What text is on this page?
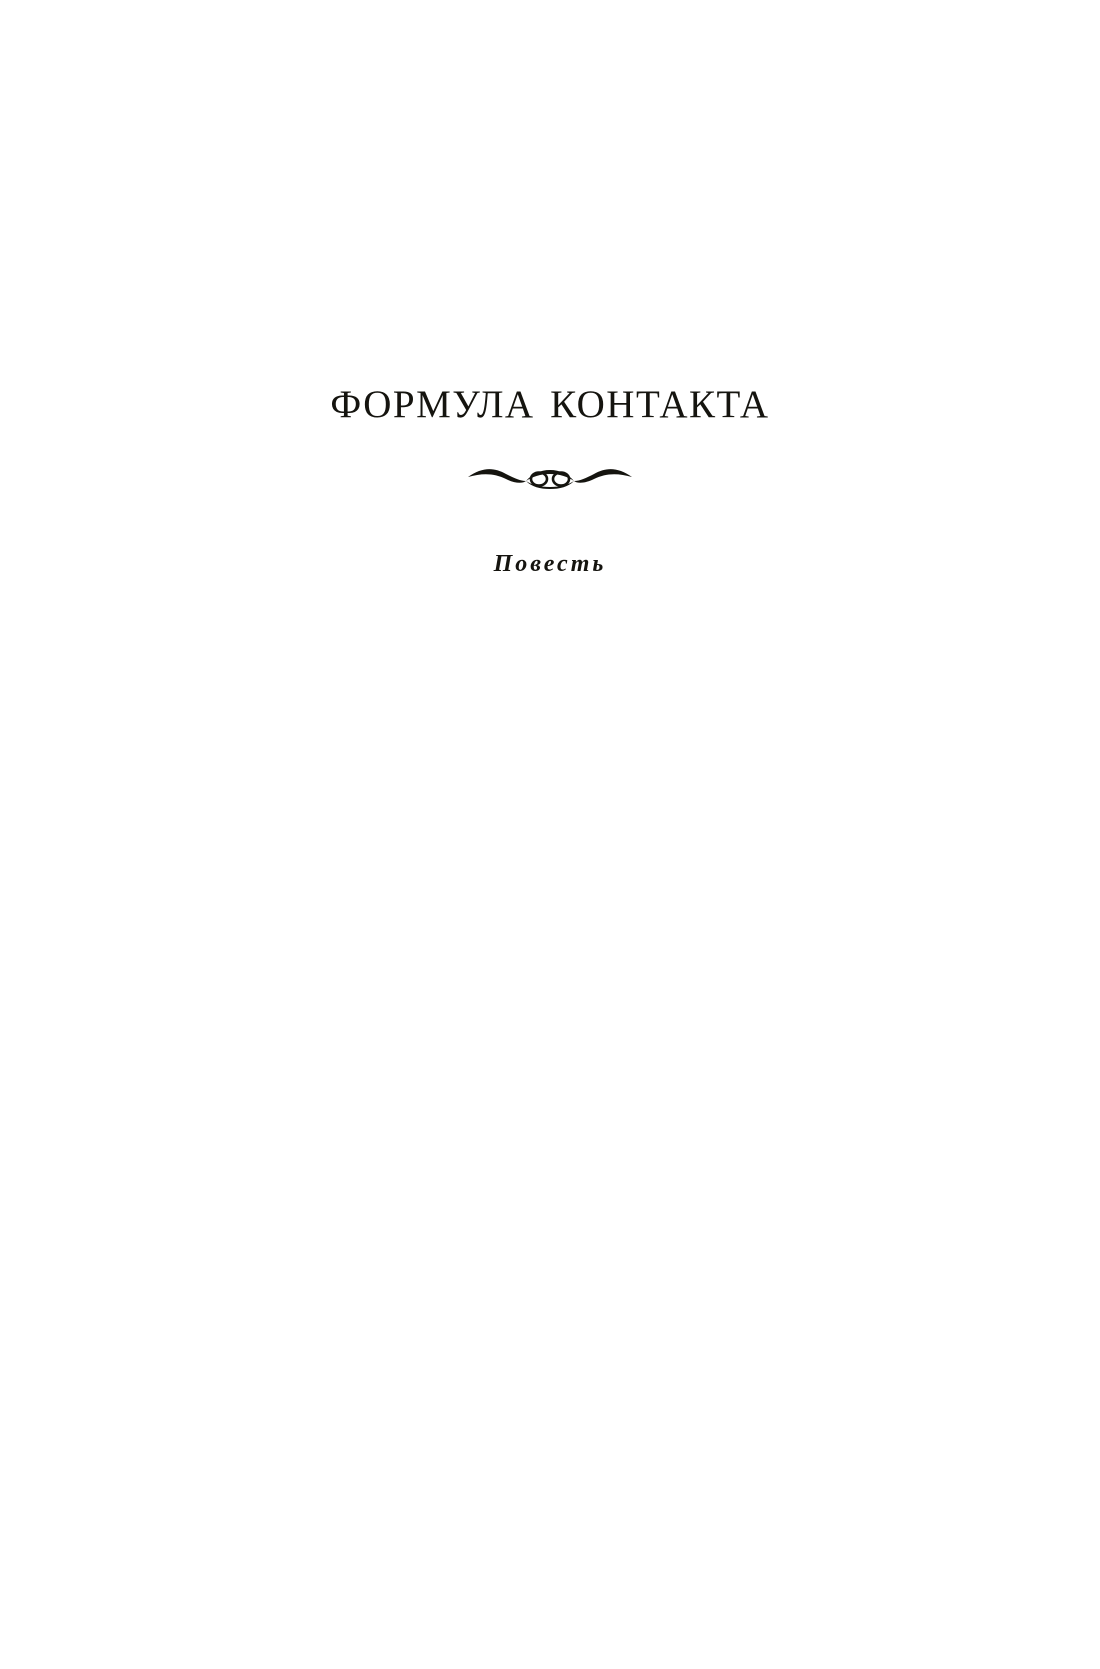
формула контакта

Повесть
